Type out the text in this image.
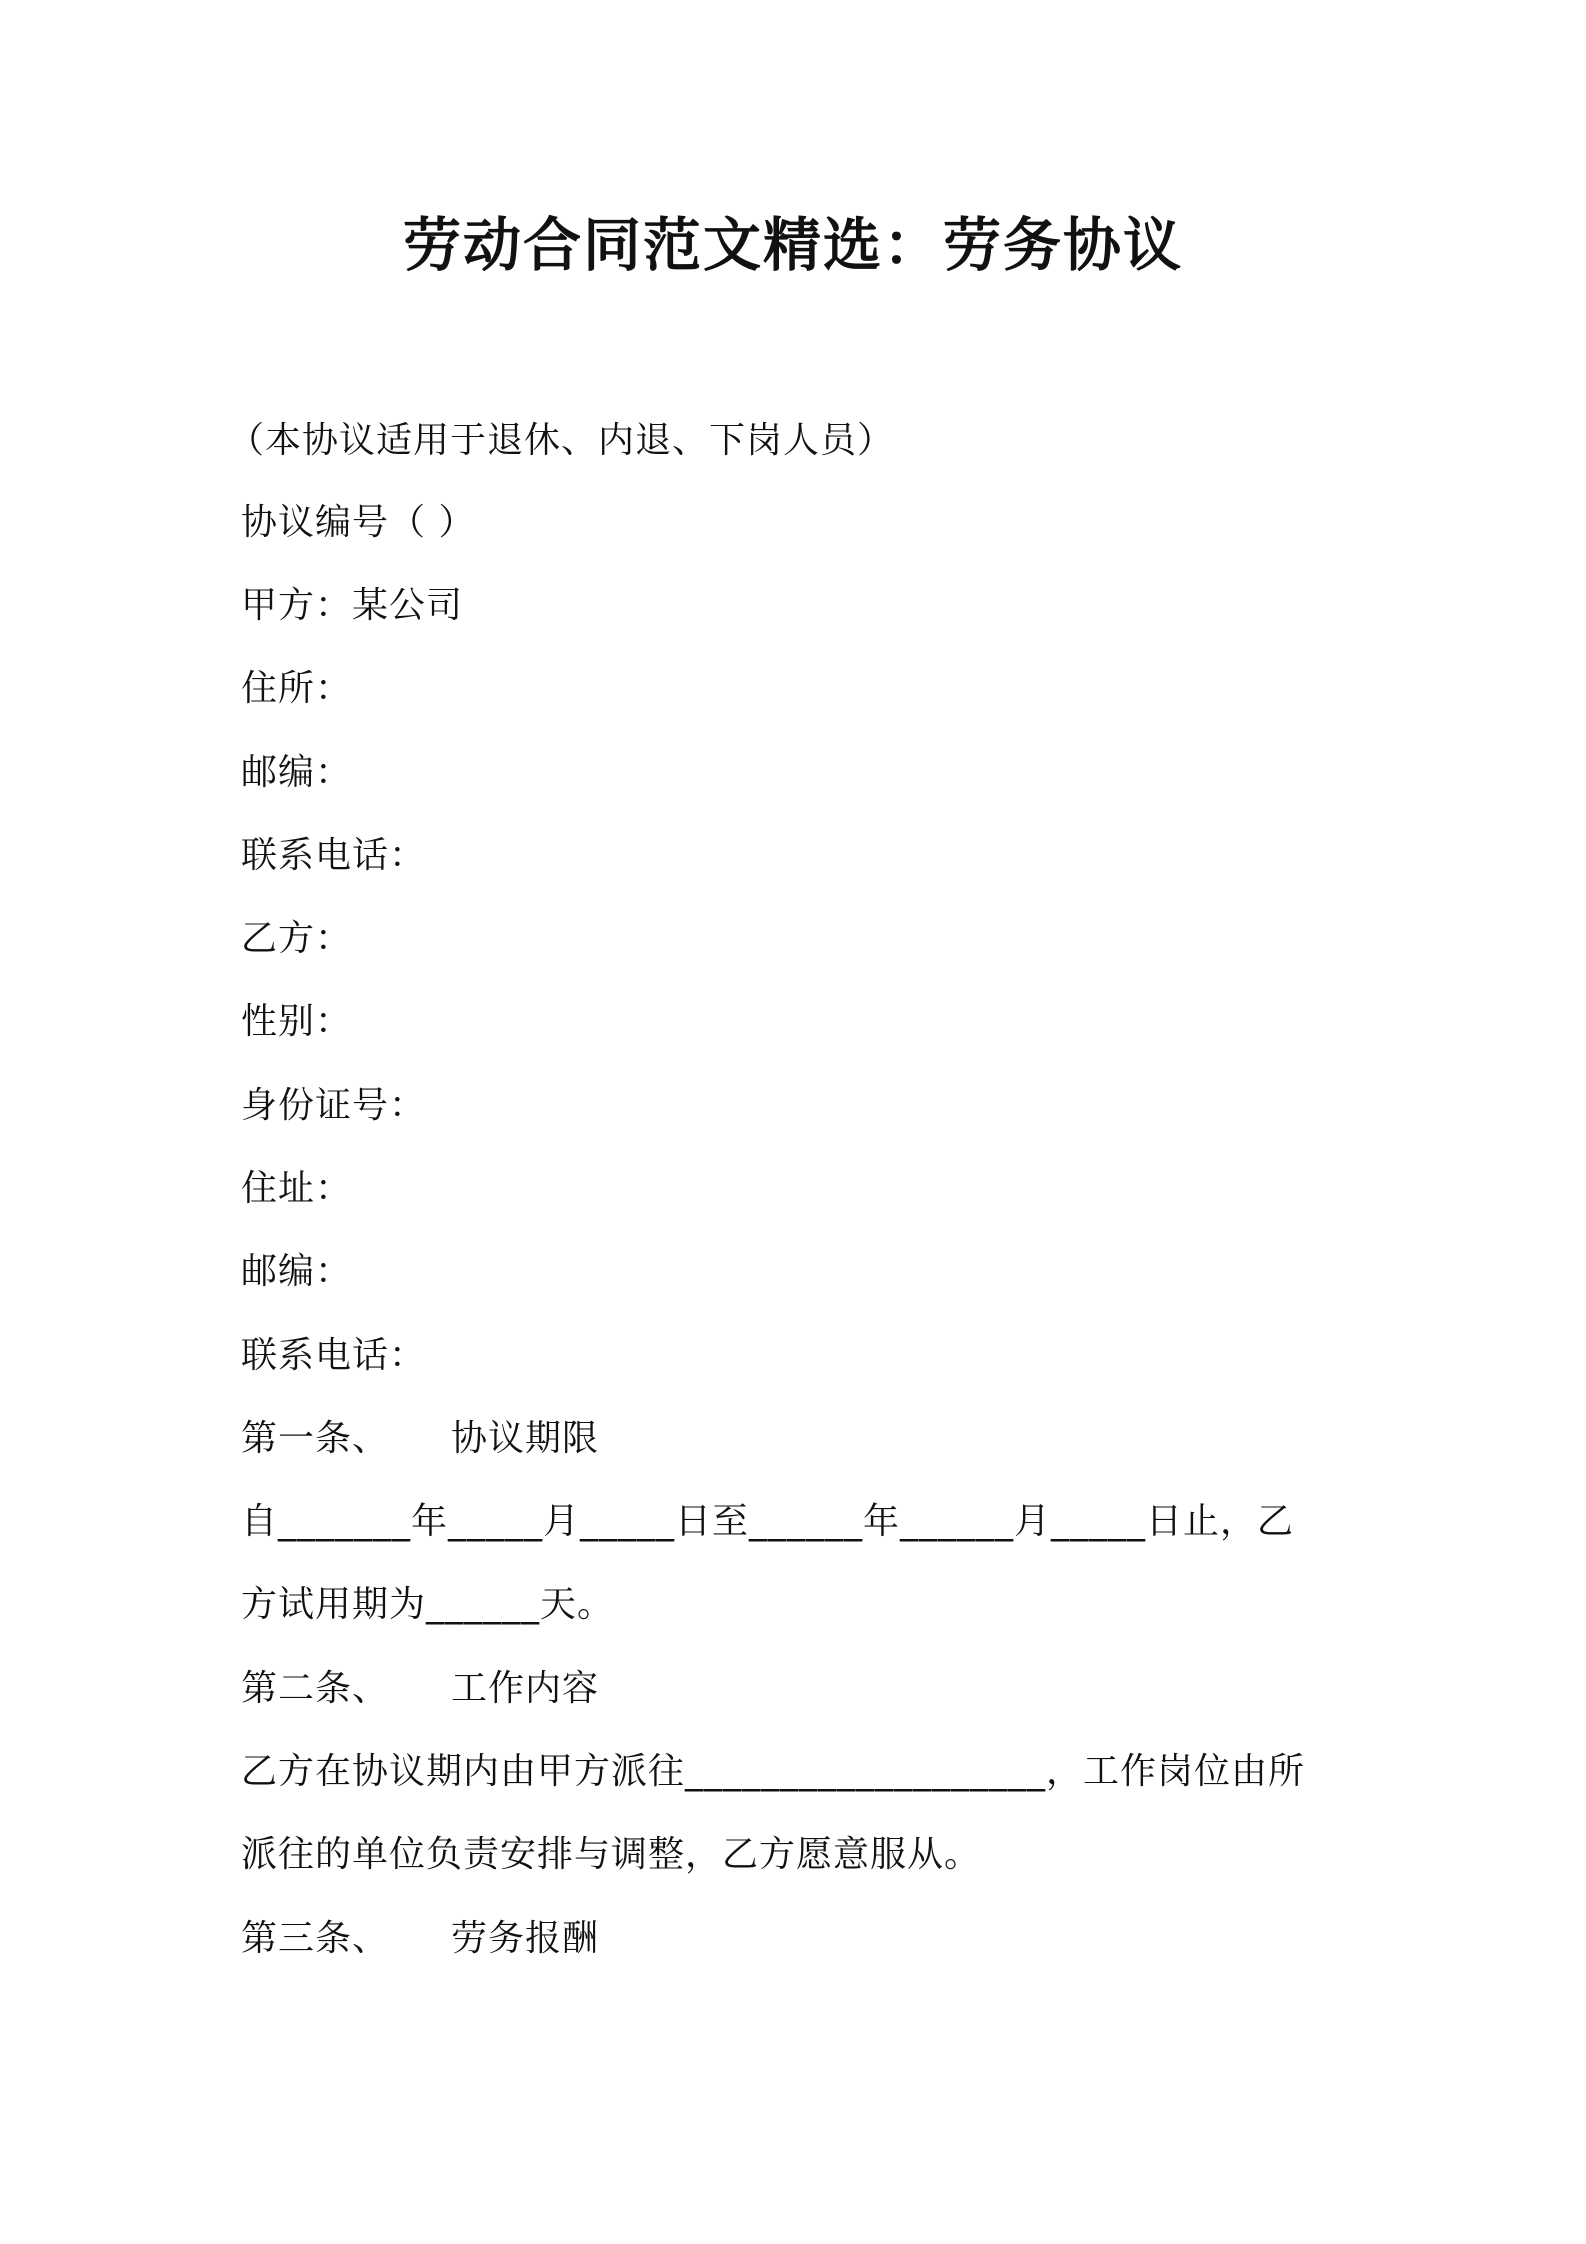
劳动合同范文精选：劳务协议
（本协议适用于退休、内退、下岗人员）
协议编号（ ）
甲方：某公司
住所：
邮编：
联系电话：
乙方：
性别：
身份证号：
住址：
邮编：
联系电话：
第一条、 协议期限
自_______年_____月_____日至______年______月_____日止，乙
方试用期为______天。
第二条、 工作内容
乙方在协议期内由甲方派往___________________，工作岗位由所
派往的单位负责安排与调整，乙方愿意服从。
第三条、 劳务报酬
